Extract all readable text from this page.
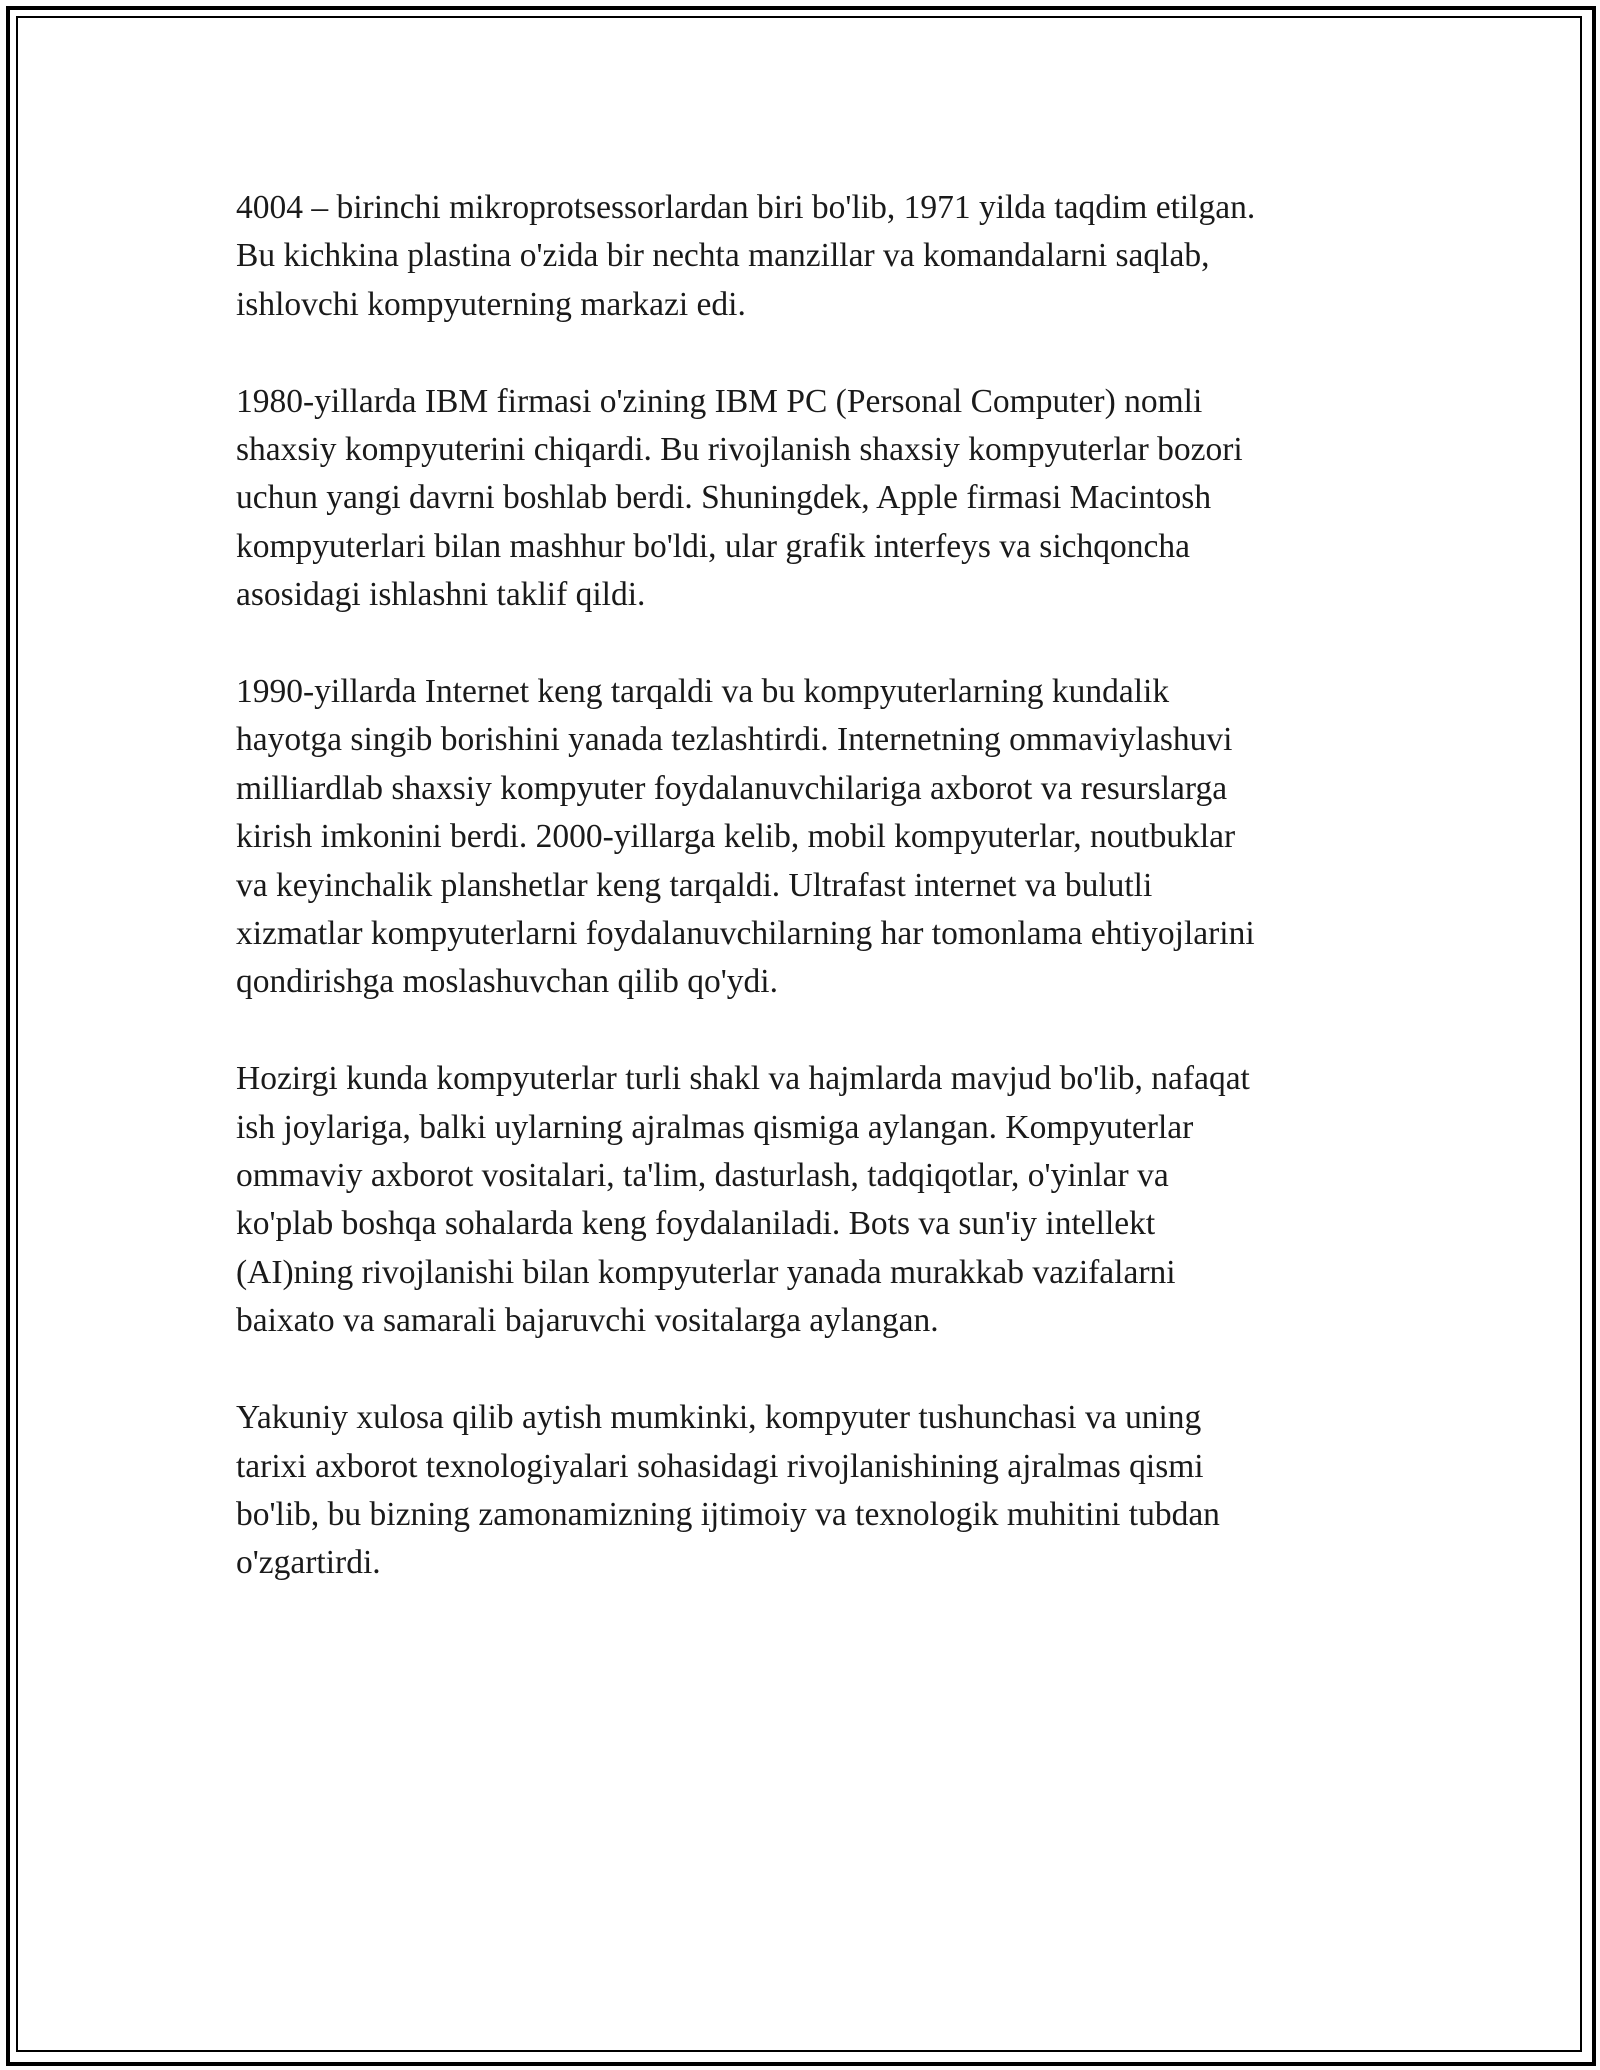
4004 – birinchi mikroprotsessorlardan biri bo'lib, 1971 yilda taqdim etilgan.
Bu kichkina plastina o'zida bir nechta manzillar va komandalarni saqlab,
ishlovchi kompyuterning markazi edi.

1980-yillarda IBM firmasi o'zining IBM PC (Personal Computer) nomli
shaxsiy kompyuterini chiqardi. Bu rivojlanish shaxsiy kompyuterlar bozori
uchun yangi davrni boshlab berdi. Shuningdek, Apple firmasi Macintosh
kompyuterlari bilan mashhur bo'ldi, ular grafik interfeys va sichqoncha
asosidagi ishlashni taklif qildi.

1990-yillarda Internet keng tarqaldi va bu kompyuterlarning kundalik
hayotga singib borishini yanada tezlashtirdi. Internetning ommaviylashuvi
milliardlab shaxsiy kompyuter foydalanuvchilariga axborot va resurslarga
kirish imkonini berdi. 2000-yillarga kelib, mobil kompyuterlar, noutbuklar
va keyinchalik planshetlar keng tarqaldi. Ultrafast internet va bulutli
xizmatlar kompyuterlarni foydalanuvchilarning har tomonlama ehtiyojlarini
qondirishga moslashuvchan qilib qo'ydi.

Hozirgi kunda kompyuterlar turli shakl va hajmlarda mavjud bo'lib, nafaqat
ish joylariga, balki uylarning ajralmas qismiga aylangan. Kompyuterlar
ommaviy axborot vositalari, ta'lim, dasturlash, tadqiqotlar, o'yinlar va
ko'plab boshqa sohalarda keng foydalaniladi. Bots va sun'iy intellekt
(AI)ning rivojlanishi bilan kompyuterlar yanada murakkab vazifalarni
baixato va samarali bajaruvchi vositalarga aylangan.

Yakuniy xulosa qilib aytish mumkinki, kompyuter tushunchasi va uning
tarixi axborot texnologiyalari sohasidagi rivojlanishining ajralmas qismi
bo'lib, bu bizning zamonamizning ijtimoiy va texnologik muhitini tubdan
o'zgartirdi.
